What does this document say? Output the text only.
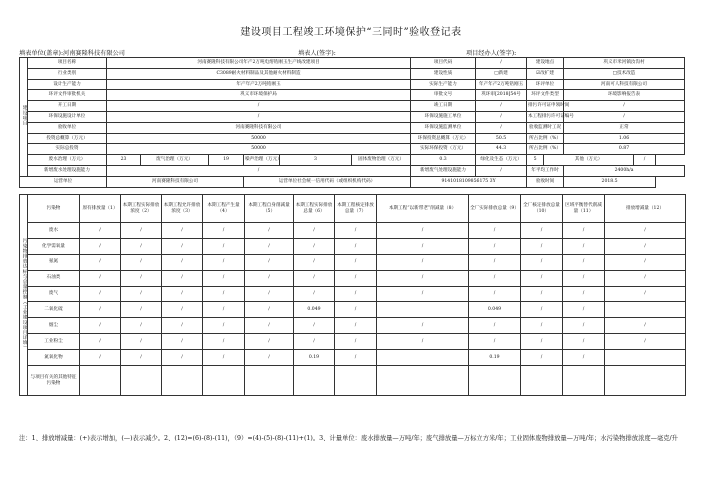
建设项目工程竣工环境保护“三同时”验收登记表
填表单位(盖章):河南赛隆科技有限公司	填表人(签字):	项目经办人(签字):
建设项目	项目名称	河南赛隆科技有限公司年产2万吨电熔锆刚玉生产线改建项目						项目代码	/	建设地点		巩义市米河镇汝沟村	
	行业类别	C3089耐火材料制品及其他耐火材料制造						建设性质	□新建	☑改扩建		□技术改造	
	设计生产能力	年产年产2万吨锆刚玉						实际生产能力	年产年产2万吨锆刚玉	环评单位		河南可人科技有限公司	
	环评文件审批机关	巩义市环境保护局						审批文号	巩环审[2018]54号	环评文件类型		环境影响报告表	
	开工日期	/						竣工日期	/	排污许可证申领时间		/	
	环保设施设计单位	/						环保设施施工单位	/	本工程排污许可证编号		/	
	验收单位	河南赛隆科技有限公司						环保设施监测单位	/	验收监测时工况		正常	
	投资总概算（万元）	50000						环保投资总概算（万元）	50.5	所占比例（%）		1.06	
	实际总投资	50000						实际环保投资（万元）	44.3	所占比例（%）		0.87	
	废水治理（万元）	23	废气治理（万元）	19	噪声治理（万元）	3	固体废物治理（万元）	0.3	绿化及生态（万元）	5	其他（万元）		/
	新增废水处理设施能力	/						新增废气处理设施能力	/	年平均工作时		2400h/a	
运营单位		河南赛隆科技有限公司			运营单位社会统一信用代码（或组织机构代码）			9141018109856175 3Y		验收时间		2018.5	
污染物排放达标与总量控制（工业建设项目详填）	污染物	原有排放量（1）	本期工程实际排放浓度（2）	本期工程允许排放浓度（3）	本期工程产生量（4）	本期工程自身削减量（5）	本期工程实际排放总量（6）	本期工程核定排放总量（7）	本期工程“以新带老”削减量（8）	全厂实际排放总量（9）	全厂核定排放总量（10）	区域平衡替代削减量（11）	排放增减量（12）
	废水	/	/	/	/	/	/	/	/	/	/	/	/
	化学需氧量	/	/	/	/	/	/	/	/	/	/	/	/
	氨氮	/	/	/	/	/	/	/	/	/	/	/	/
	石油类	/	/	/	/	/	/	/	/	/	/	/	/
	废气	/	/	/	/	/	/	/	/	/	/	/	/
	二氧化硫	/	/	/	/	/	0.049	/		0.049	/	/	
	烟尘	/	/	/	/	/	/	/	/	/	/	/	/
	工业粉尘	/	/	/	/	/	/	/	/	/	/	/	/
	氮氧化物	/	/	/	/	/	0.19	/		0.19	/	/	
	与项目有关的其他特征污染物												
注：1、排放增减量：(+)表示增加，(—)表示减少。2、(12)=(6)-(8)-(11)，（9）=(4)-(5)-(8)-(11)+(1)。3、计量单位：废水排放量—万吨/年；废气排放量—万标立方米/年；工业固体废物排放量—万吨/年；水污染物排放浓度—毫克/升
